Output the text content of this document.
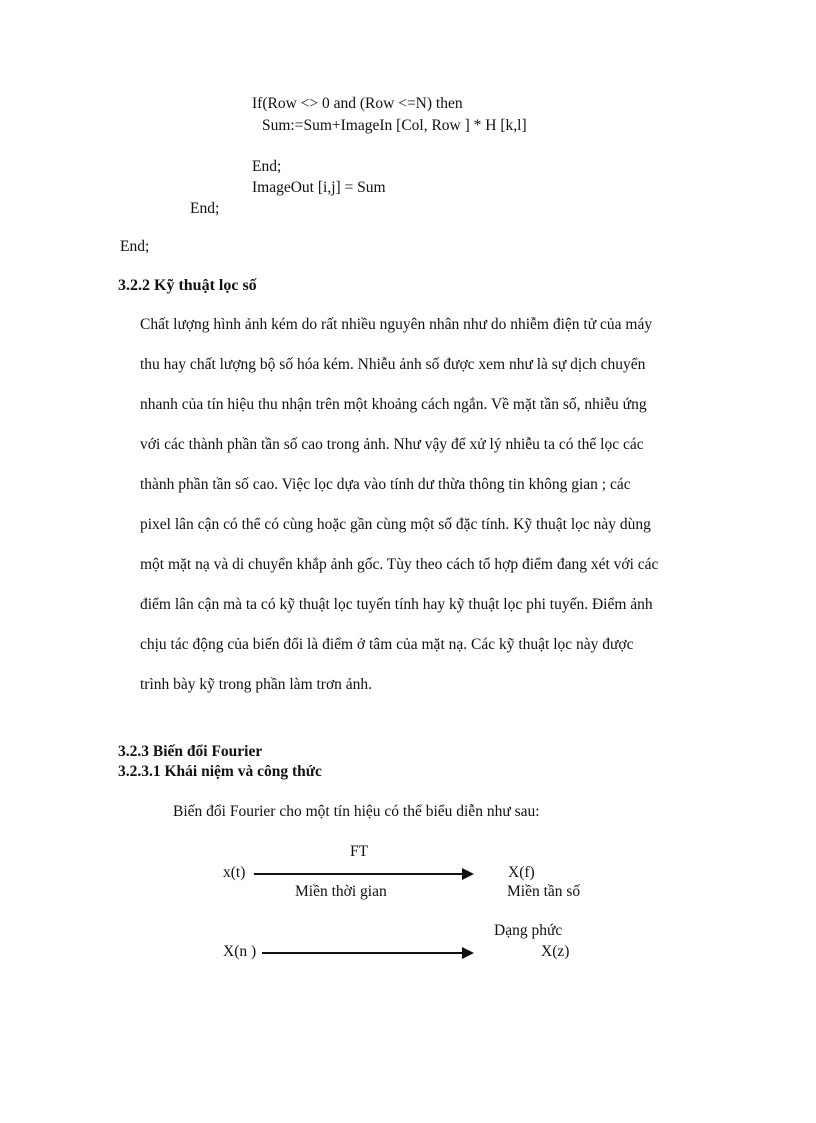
If(Row <> 0 and (Row <=N) then
Sum:=Sum+ImageIn [Col, Row ] * H [k,l]
End;
ImageOut [i,j] = Sum
End;
End;
3.2.2 Kỹ thuật lọc số
Chất lượng hình ảnh kém do rất nhiều nguyên nhân như do nhiễm điện tử của máy
thu hay chất lượng bộ số hóa kém. Nhiễu ảnh số được xem như là sự dịch chuyển
nhanh của tín hiệu thu nhận trên một khoảng cách ngắn. Về mặt tần số, nhiễu ứng
với các thành phần tần số cao trong ảnh. Như vậy để xử lý nhiễu ta có thể lọc các
thành phần tần số cao. Việc lọc dựa vào tính dư thừa thông tin không gian ; các
pixel lân cận có thể có cùng hoặc gần cùng một số đặc tính. Kỹ thuật lọc này dùng
một mặt nạ và di chuyển khắp ảnh gốc. Tùy theo cách tổ hợp điểm đang xét với các
điểm lân cận mà ta có kỹ thuật lọc tuyến tính hay kỹ thuật lọc phi tuyến. Điểm ảnh
chịu tác động của biến đổi là điểm ở tâm của mặt nạ. Các kỹ thuật lọc này được
trình bày kỹ trong phần làm trơn ảnh.
3.2.3 Biến đổi Fourier
3.2.3.1 Khái niệm và công thức
Biến đổi Fourier cho một tín hiệu có thể biểu diễn như sau:
FT
x(t)	X(f)
Miền thời gian	Miền tần số
Dạng phức
X(n )	X(z)
